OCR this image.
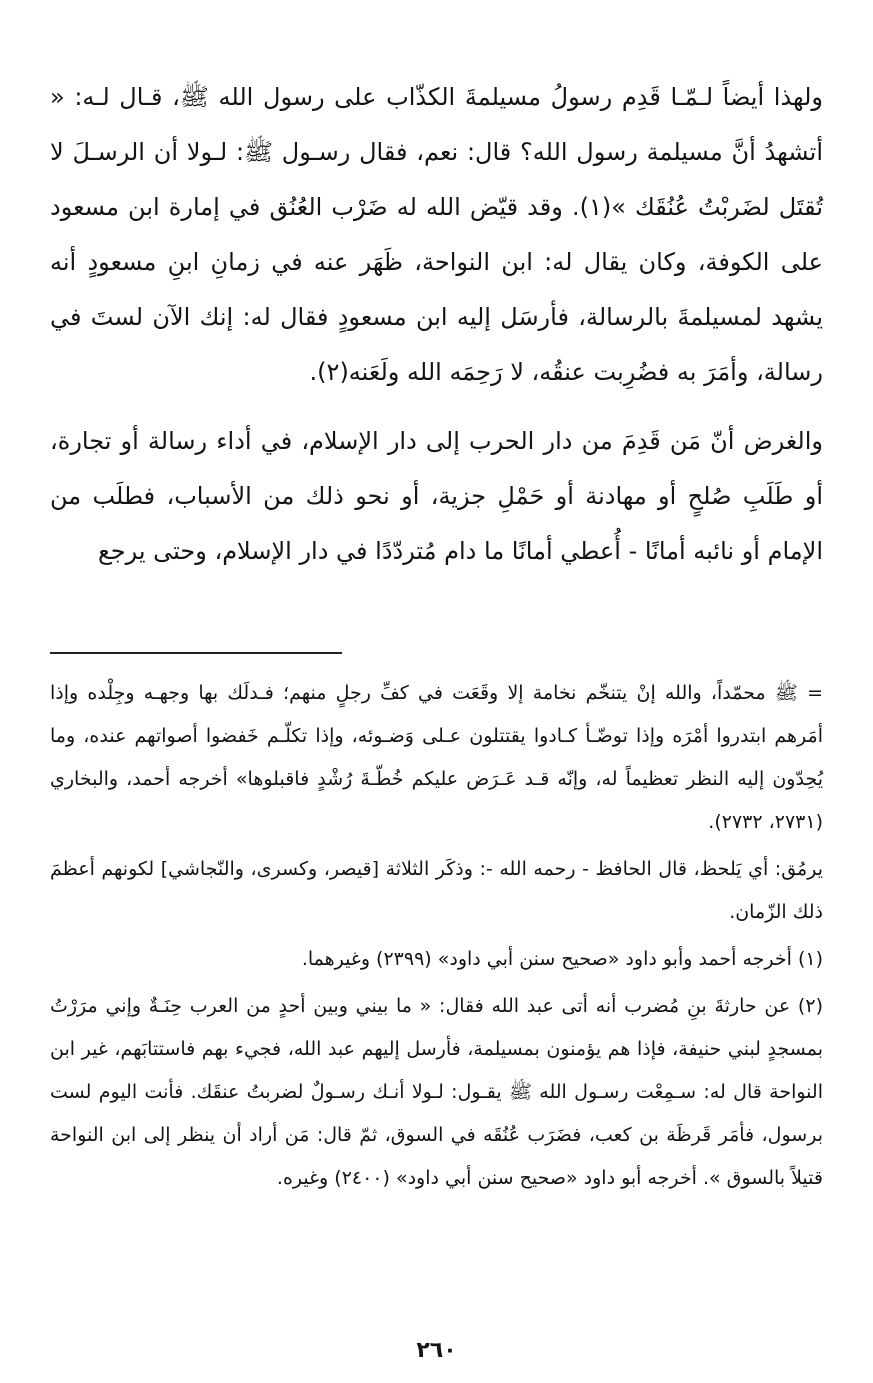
ولهذا أيضاً لـمّـا قَدِم رسولُ مسيلمةَ الكذّاب على رسول الله ﷺ، قـال لـه: « أتشهدُ أنَّ مسيلمة رسول الله؟ قال: نعم، فقال رسـول ﷺ: لـولا أن الرسـلَ لا تُقتَل لضَربْتُ عُنُقَك »(١). وقد قيّض الله له ضَرْب العُنُق في إمارة ابن مسعود على الكوفة، وكان يقال له: ابن النواحة، ظَهَر عنه في زمانِ ابنِ مسعودٍ أنه يشهد لمسيلمةَ بالرسالة، فأرسَل إليه ابن مسعودٍ فقال له: إنك الآن لستَ في رسالة، وأمَرَ به فضُرِبت عنقُه، لا رَحِمَه الله ولَعَنه(٢).

والغرض أنّ مَن قَدِمَ من دار الحرب إلى دار الإسلام، في أداء رسالة أو تجارة، أو طَلَبِ صُلحٍ أو مهادنة أو حَمْلِ جزية، أو نحو ذلك من الأسباب، فطلَب من الإمام أو نائبه أمانًا - أُعطي أمانًا ما دام مُتردّدًا في دار الإسلام، وحتى يرجع

= ﷺ محمّداً، والله إنْ يتنخّم نخامة إلا وقَعَت في كفِّ رجلٍ منهم؛ فـدلَك بها وجهـه وجِلْده وإذا أمَرهم ابتدروا أمْرَه وإذا توضّـأ كـادوا يقتتلون عـلى وَضـوئه، وإذا تكلّـم خَفضوا أصواتهم عنده، وما يُحِدّون إليه النظر تعظيماً له، وإنّه قـد عَـرَض عليكم خُطّـةَ رُشْدٍ فاقبلوها» أخرجه أحمد، والبخاري (٢٧٣١، ٢٧٣٢).

يرمُق: أي يَلحظ، قال الحافظ - رحمه الله -: وذكَر الثلاثة [قيصر، وكسرى، والنّجاشي] لكونهم أعظمَ ذلك الزّمان.

(١) أخرجه أحمد وأبو داود «صحيح سنن أبي داود» (٢٣٩٩) وغيرهما.

(٢) عن حارثةَ بنِ مُضرب أنه أتى عبد الله فقال: « ما بيني وبين أحدٍ من العرب حِنَـةٌ وإني مرَرْتُ بمسجدٍ لبني حنيفة، فإذا هم يؤمنون بمسيلمة، فأرسل إليهم عبد الله، فجيء بهم فاستتابَهم، غير ابن النواحة قال له: سـمِعْت رسـول الله ﷺ يقـول: لـولا أنـك رسـولٌ لضربتُ عنقَك. فأنت اليوم لست برسول، فأمَر قَرظَة بن كعب، فضَرَب عُنُقَه في السوق، ثمّ قال: مَن أراد أن ينظر إلى ابن النواحة قتيلاً بالسوق ». أخرجه أبو داود «صحيح سنن أبي داود» (٢٤٠٠) وغيره.

٢٦٠
